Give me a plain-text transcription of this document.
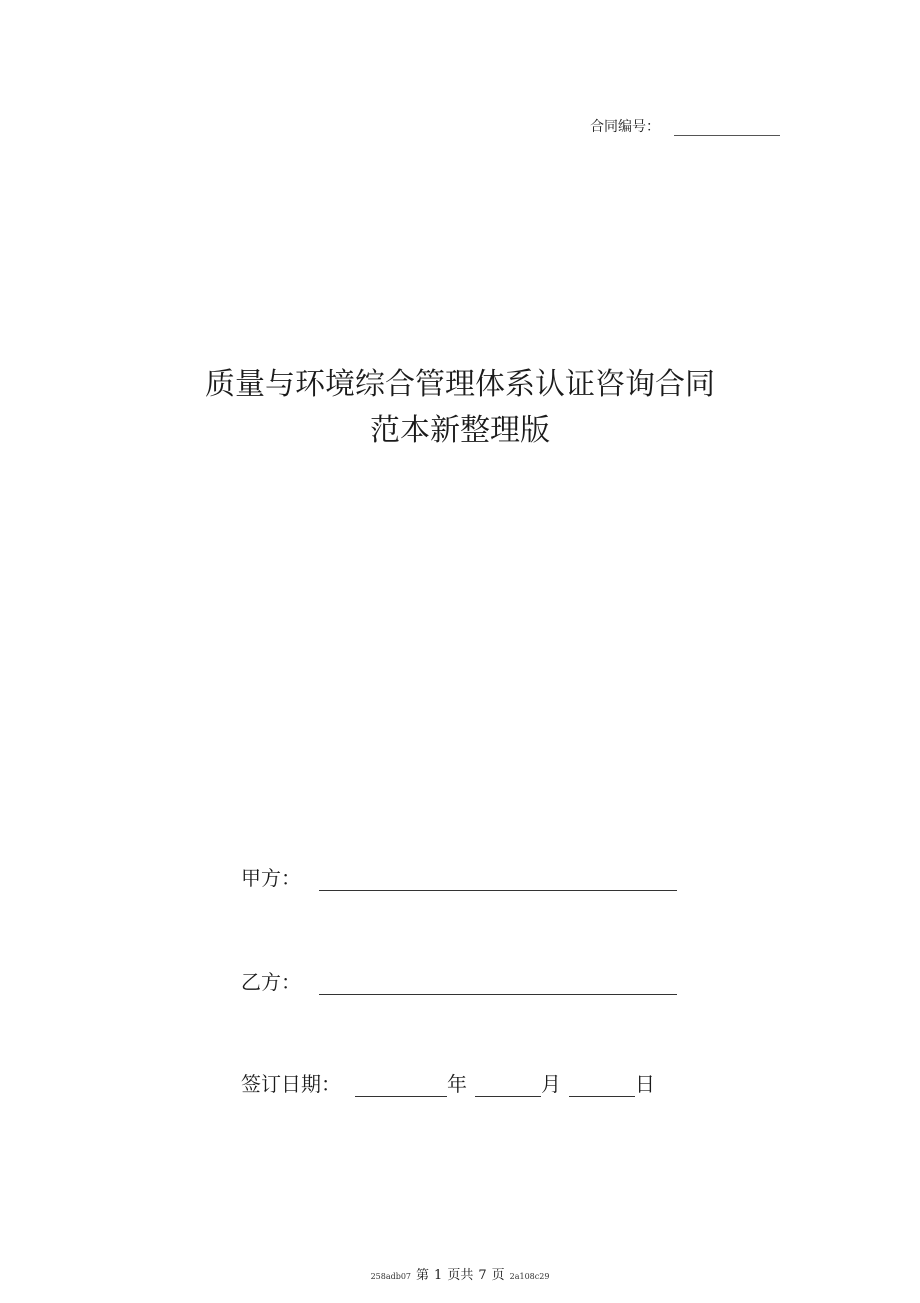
合同编号：
质量与环境综合管理体系认证咨询合同
范本新整理版
甲方：
乙方：
签订日期：	年	月	日
258adb07 第 1 页共 7 页 2a108c29
